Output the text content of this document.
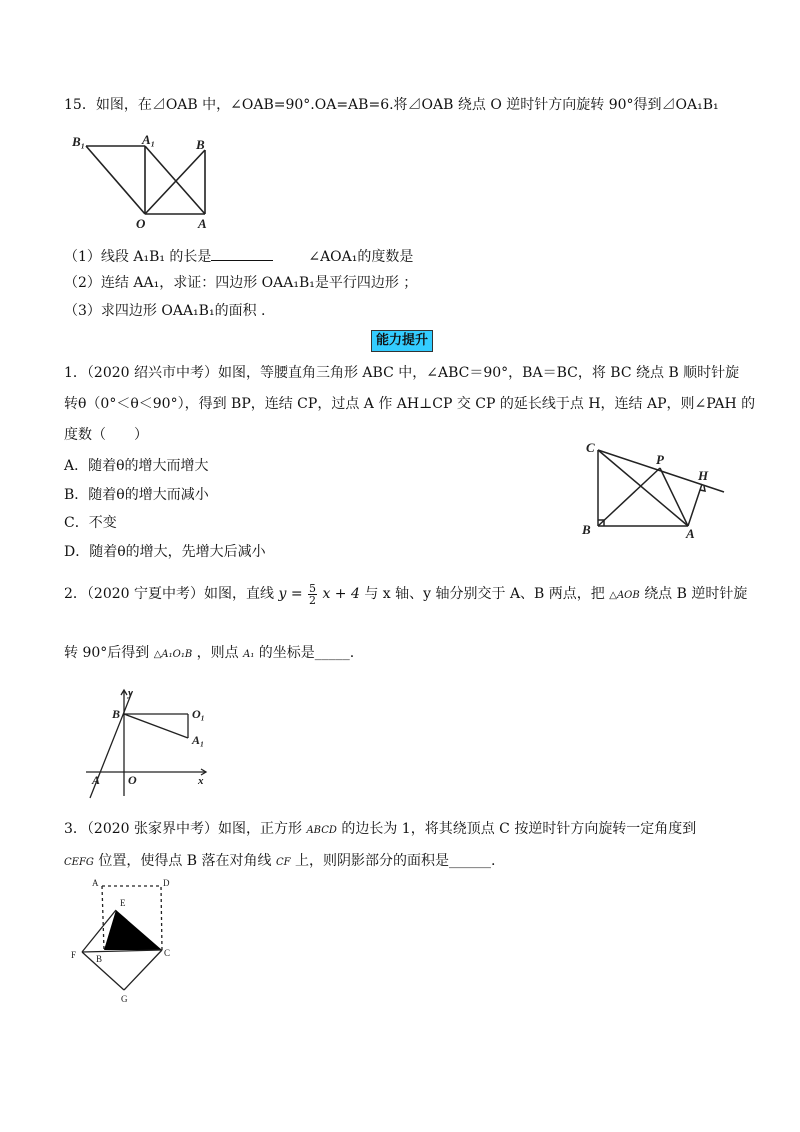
15．如图，在⊿OAB 中，∠OAB=90°.OA=AB=6.将⊿OAB 绕点 O 逆时针方向旋转 90°得到⊿OA₁B₁
B₁	A₁	B
O	A
（1）线段 A₁B₁ 的长是	∠AOA₁的度数是
（2）连结 AA₁，求证：四边形 OAA₁B₁是平行四边形 ；
（3）求四边形 OAA₁B₁的面积 .
能力提升
1．（2020 绍兴市中考）如图，等腰直角三角形 ABC 中，∠ABC＝90°，BA＝BC，将 BC 绕点 B 顺时针旋
转θ（0°＜θ＜90°），得到 BP，连结 CP，过点 A 作 AH⊥CP 交 CP 的延长线于点 H，连结 AP，则∠PAH 的
度数（　　）
A．随着θ的增大而增大
B．随着θ的增大而减小
C．不变
D．随着θ的增大，先增大后减小
C
P
H
B	A
2．（2020 宁夏中考）如图，直线 $y = \frac{5}{2}$ x + 4 与 x 轴、y 轴分别交于 A、B 两点，把 △AOB 绕点 B 逆时针旋
转 90°后得到 △A₁O₁B ，则点 A₁ 的坐标是_____.
y
B	O₁
A₁
A O	x
3．（2020 张家界中考）如图，正方形 ABCD 的边长为 1，将其绕顶点 C 按逆时针方向旋转一定角度到
CEFG 位置，使得点 B 落在对角线 CF 上，则阴影部分的面积是______.
A	D
E
F B
C
G
